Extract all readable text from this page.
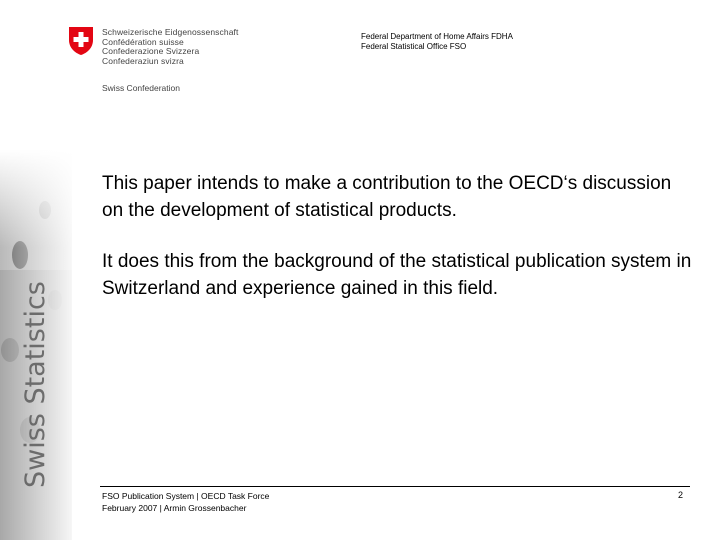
Schweizerische Eidgenossenschaft
Confédération suisse
Confederazione Svizzera
Confederaziun svizra
Swiss Confederation
Federal Department of Home Affairs FDHA
Federal Statistical Office FSO
Swiss Statistics

This paper intends to make a contribution to the OECD‘s discussion on the development of statistical products.

It does this from the background of the statistical publication system in Switzerland and experience gained in this field.

FSO Publication System | OECD Task Force
February 2007 | Armin Grossenbacher
2
